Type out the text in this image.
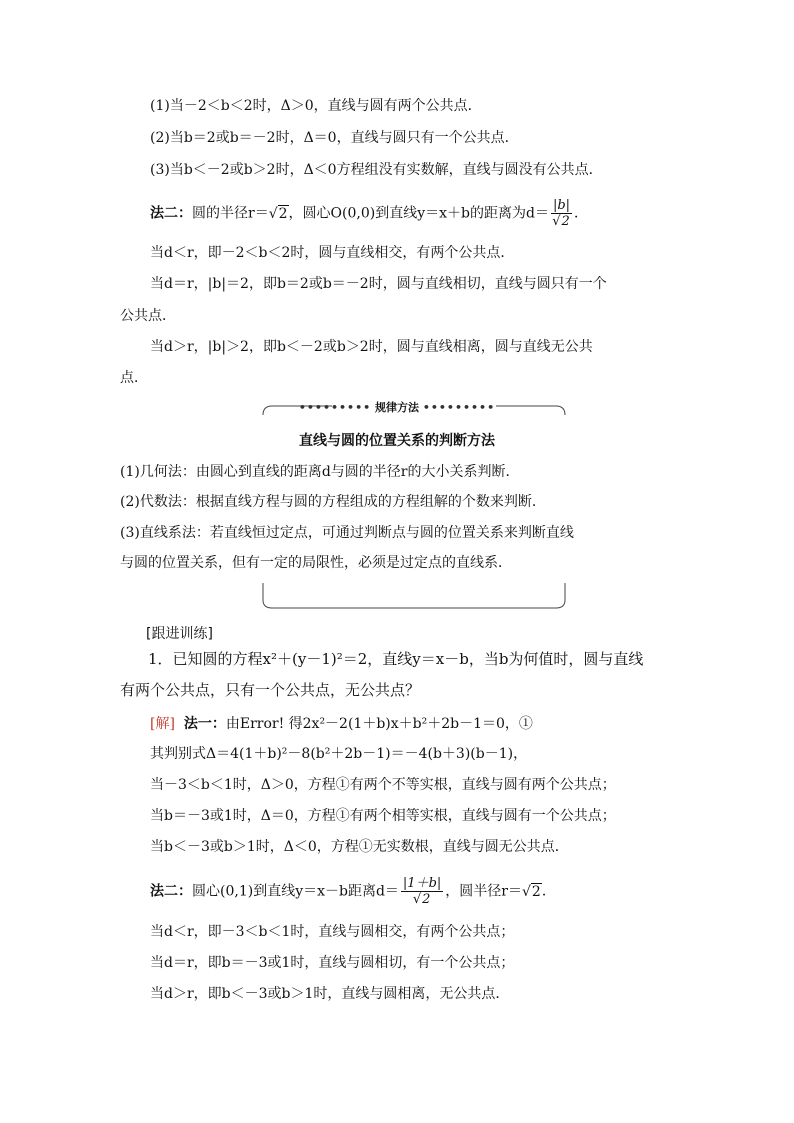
(1)当－2＜b＜2时，Δ＞0，直线与圆有两个公共点．
(2)当b＝2或b＝－2时，Δ＝0，直线与圆只有一个公共点．
(3)当b＜－2或b＞2时，Δ＜0方程组没有实数解，直线与圆没有公共点．
法二：圆的半径r＝√2，圆心O(0,0)到直线y＝x＋b的距离为$d= \frac{|b|}{√2}$ ．
当d＜r，即－2＜b＜2时，圆与直线相交，有两个公共点．
当d＝r，|b|＝2，即b＝2或b＝－2时，圆与直线相切，直线与圆只有一个
公共点．
当d＞r，|b|＞2，即b＜－2或b＞2时，圆与直线相离，圆与直线无公共
点．
••••••••• 规律方法 •••••••••
直线与圆的位置关系的判断方法
(1)几何法：由圆心到直线的距离d与圆的半径r的大小关系判断．
(2)代数法：根据直线方程与圆的方程组成的方程组解的个数来判断．
(3)直线系法：若直线恒过定点，可通过判断点与圆的位置关系来判断直线
与圆的位置关系，但有一定的局限性，必须是过定点的直线系．
[跟进训练]
1．已知圆的方程x²＋(y－1)²＝2，直线y＝x－b，当b为何值时，圆与直线
有两个公共点，只有一个公共点，无公共点？
[解] 法一：由Error! 得2x²－2(1＋b)x＋b²＋2b－1＝0，①
其判别式Δ＝4(1＋b)²－8(b²＋2b－1)＝－4(b＋3)(b－1)，
当－3＜b＜1时，Δ＞0，方程①有两个不等实根，直线与圆有两个公共点；
当b＝－3或1时，Δ＝0，方程①有两个相等实根，直线与圆有一个公共点；
当b＜－3或b＞1时，Δ＜0，方程①无实数根，直线与圆无公共点．
法二：圆心(0,1)到直线y＝x－b距离$d= \frac{|1+b|}{√2}$ ，圆半径r＝√2．
当d＜r，即－3＜b＜1时，直线与圆相交，有两个公共点；
当d＝r，即b＝－3或1时，直线与圆相切，有一个公共点；
当d＞r，即b＜－3或b＞1时，直线与圆相离，无公共点．
